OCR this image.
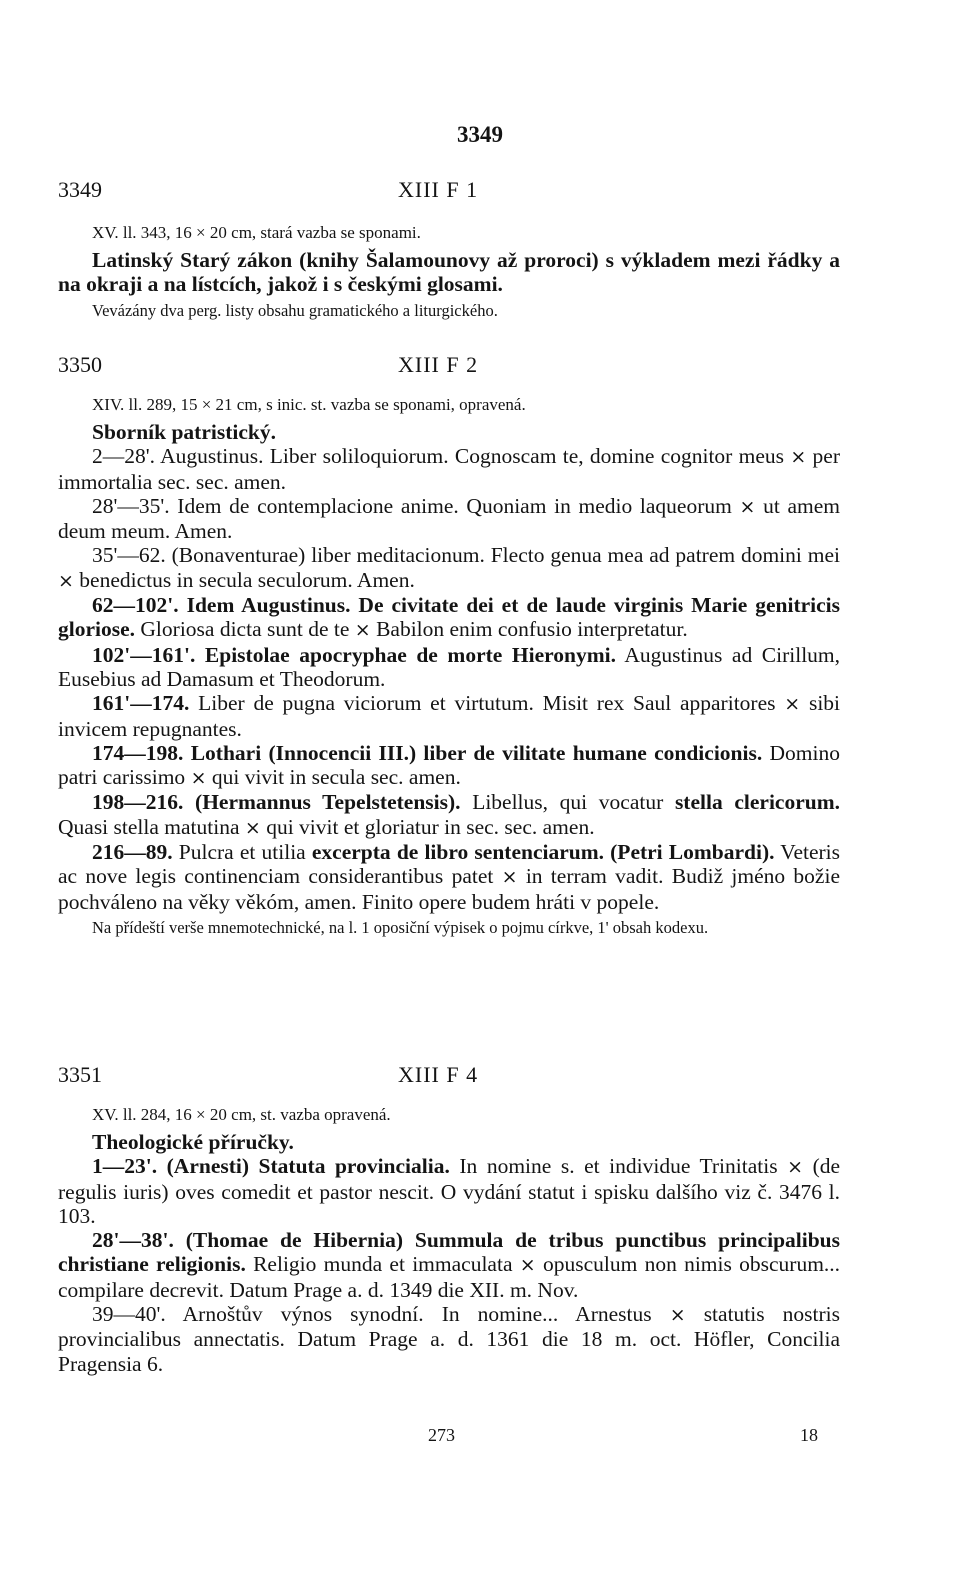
3349
3349	XIII F 1

XV. ll. 343, 16 × 20 cm, stará vazba se sponami.

Latinský Starý zákon (knihy Šalamounovy až proroci) s výkladem mezi řádky a na okraji a na lístcích, jakož i s českými glosami.

Vevázány dva perg. listy obsahu gramatického a liturgického.

3350	XIII F 2

XIV. ll. 289, 15 × 21 cm, s inic. st. vazba se sponami, opravená.

Sborník patristický.

2—28'. Augustinus. Liber soliloquiorum. Cognoscam te, domine cognitor meus × per immortalia sec. sec. amen.

28'—35'. Idem de contemplacione anime. Quoniam in medio laqueorum × ut amem deum meum. Amen.

35'—62. (Bonaventurae) liber meditacionum. Flecto genua mea ad patrem domini mei × benedictus in secula seculorum. Amen.

62—102'. Idem Augustinus. De civitate dei et de laude virginis Marie genitricis gloriose. Gloriosa dicta sunt de te × Babilon enim confusio interpretatur.

102'—161'. Epistolae apocryphae de morte Hieronymi. Augustinus ad Cirillum, Eusebius ad Damasum et Theodorum.

161'—174. Liber de pugna viciorum et virtutum. Misit rex Saul apparitores × sibi invicem repugnantes.

174—198. Lothari (Innocencii III.) liber de vilitate humane condicionis. Domino patri carissimo × qui vivit in secula sec. amen.

198—216. (Hermannus Tepelstetensis). Libellus, qui vocatur stella clericorum. Quasi stella matutina × qui vivit et gloriatur in sec. sec. amen.

216—89. Pulcra et utilia excerpta de libro sentenciarum. (Petri Lombardi). Veteris ac nove legis continenciam considerantibus patet × in terram vadit. Budiž jméno božie pochváleno na věky věkóm, amen. Finito opere budem hráti v popele.

Na přídeští verše mnemotechnické, na l. 1 oposiční výpisek o pojmu církve, 1' obsah kodexu.

3351	XIII F 4

XV. ll. 284, 16 × 20 cm, st. vazba opravená.

Theologické příručky.

1—23'. (Arnesti) Statuta provincialia. In nomine s. et individue Trinitatis × (de regulis iuris) oves comedit et pastor nescit. O vydání statut i spisku dalšího viz č. 3476 l. 103.

28'—38'. (Thomae de Hibernia) Summula de tribus punctibus principalibus christiane religionis. Religio munda et immaculata × opusculum non nimis obscurum... compilare decrevit. Datum Prage a. d. 1349 die XII. m. Nov.

39—40'. Arnoštův výnos synodní. In nomine... Arnestus × statutis nostris provincialibus annectatis. Datum Prage a. d. 1361 die 18 m. oct. Höfler, Concilia Pragensia 6.

273	18
